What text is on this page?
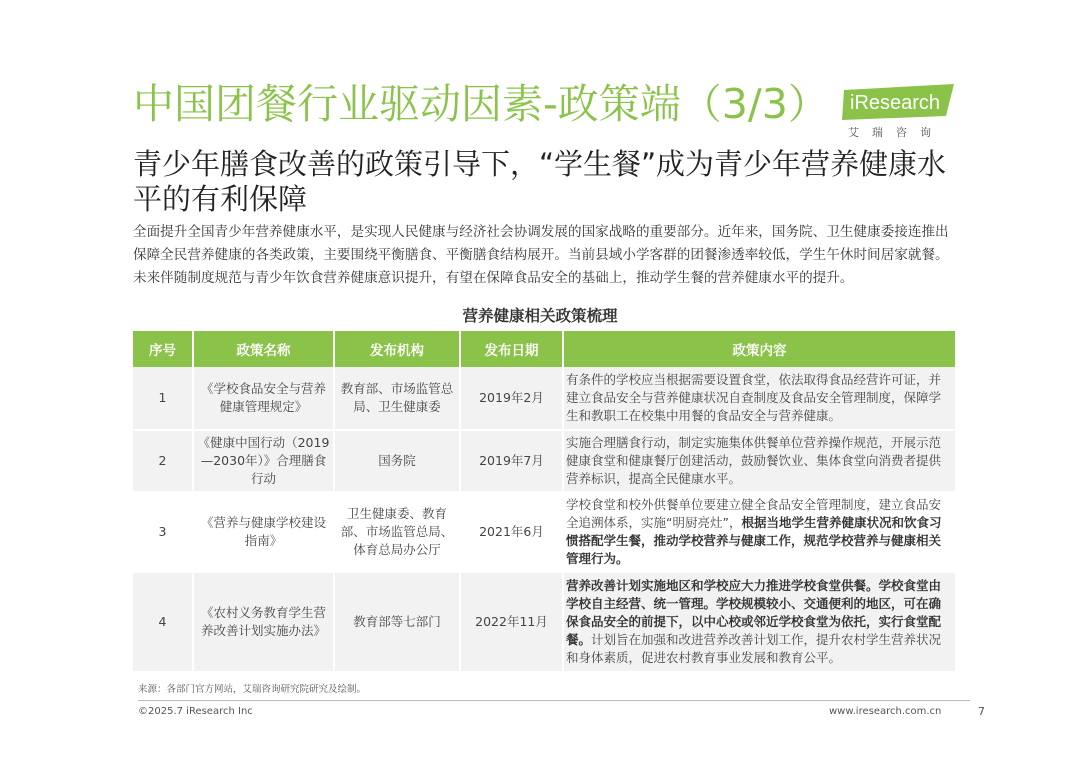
中国团餐行业驱动因素-政策端（3/3） iResearch
艾瑞咨询
青少年膳食改善的政策引导下，“学生餐”成为青少年营养健康水平的有利保障
全面提升全国青少年营养健康水平，是实现人民健康与经济社会协调发展的国家战略的重要部分。近年来，国务院、卫生健康委接连推出保障全民营养健康的各类政策，主要围绕平衡膳食、平衡膳食结构展开。当前县域小学客群的团餐渗透率较低，学生午休时间居家就餐。未来伴随制度规范与青少年饮食营养健康意识提升，有望在保障食品安全的基础上，推动学生餐的营养健康水平的提升。
营养健康相关政策梳理
序号	政策名称	发布机构	发布日期	政策内容
1	《学校食品安全与营养健康管理规定》	教育部、市场监管总局、卫生健康委	2019年2月	有条件的学校应当根据需要设置食堂，依法取得食品经营许可证，并建立食品安全与营养健康状况自查制度及食品安全管理制度，保障学生和教职工在校集中用餐的食品安全与营养健康。
2	《健康中国行动（2019—2030年）》合理膳食行动	国务院	2019年7月	实施合理膳食行动，制定实施集体供餐单位营养操作规范，开展示范健康食堂和健康餐厅创建活动，鼓励餐饮业、集体食堂向消费者提供营养标识，提高全民健康水平。
3	《营养与健康学校建设指南》	卫生健康委、教育部、市场监管总局、体育总局办公厅	2021年6月	学校食堂和校外供餐单位要建立健全食品安全管理制度，建立食品安全追溯体系，实施“明厨亮灶”，根据当地学生营养健康状况和饮食习惯搭配学生餐，推动学校营养与健康工作，规范学校营养与健康相关管理行为。
4	《农村义务教育学生营养改善计划实施办法》	教育部等七部门	2022年11月	营养改善计划实施地区和学校应大力推进学校食堂供餐。学校食堂由学校自主经营、统一管理。学校规模较小、交通便利的地区，可在确保食品安全的前提下，以中心校或邻近学校食堂为依托，实行食堂配餐。计划旨在加强和改进营养改善计划工作，提升农村学生营养状况和身体素质，促进农村教育事业发展和教育公平。
来源：各部门官方网站，艾瑞咨询研究院研究及绘制。
©2025.7 iResearch Inc	www.iresearch.com.cn	7
